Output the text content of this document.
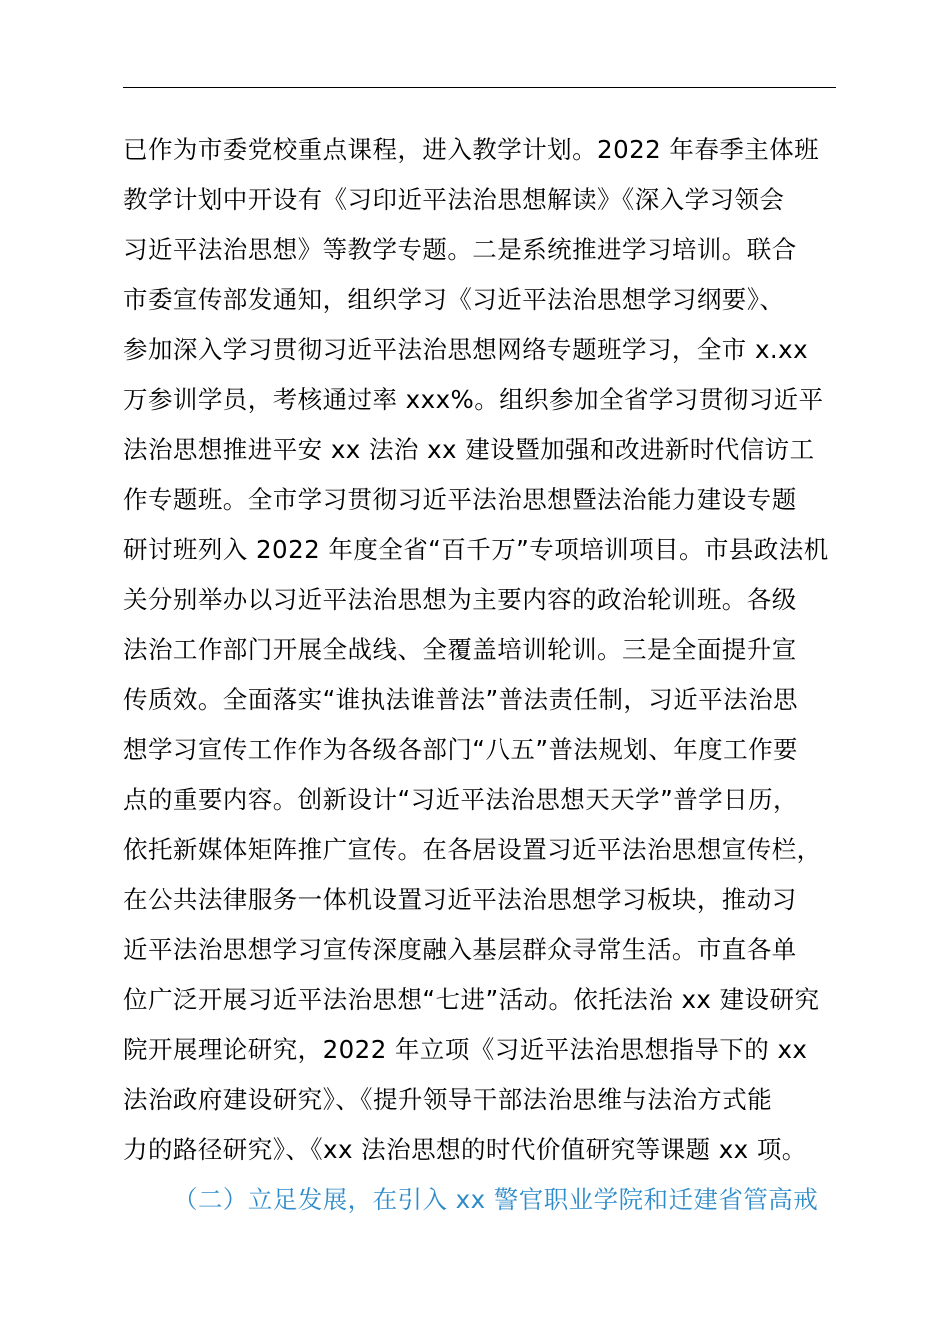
已作为市委党校重点课程，进入教学计划。2022 年春季主体班
教学计划中开设有《习印近平法治思想解读》《深入学习领会
习近平法治思想》等教学专题。二是系统推进学习培训。联合
市委宣传部发通知，组织学习《习近平法治思想学习纲要》、
参加深入学习贯彻习近平法治思想网络专题班学习，全市 x.xx
万参训学员，考核通过率 xxx%。组织参加全省学习贯彻习近平
法治思想推进平安 xx 法治 xx 建设暨加强和改进新时代信访工
作专题班。全市学习贯彻习近平法治思想暨法治能力建设专题
研讨班列入 2022 年度全省“百千万”专项培训项目。市县政法机
关分别举办以习近平法治思想为主要内容的政治轮训班。各级
法治工作部门开展全战线、全覆盖培训轮训。三是全面提升宣
传质效。全面落实“谁执法谁普法”普法责任制，习近平法治思
想学习宣传工作作为各级各部门“八五”普法规划、年度工作要
点的重要内容。创新设计“习近平法治思想天天学”普学日历，
依托新媒体矩阵推广宣传。在各居设置习近平法治思想宣传栏，
在公共法律服务一体机设置习近平法治思想学习板块，推动习
近平法治思想学习宣传深度融入基层群众寻常生活。市直各单
位广泛开展习近平法治思想“七进”活动。依托法治 xx 建设研究
院开展理论研究，2022 年立项《习近平法治思想指导下的 xx
法治政府建设研究》、《提升领导干部法治思维与法治方式能
力的路径研究》、《xx 法治思想的时代价值研究等课题 xx 项。
（二）立足发展，在引入 xx 警官职业学院和迁建省管高戒
